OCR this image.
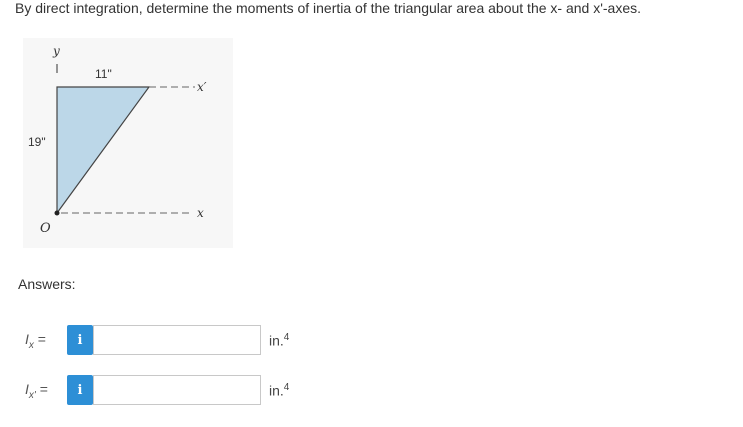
By direct integration, determine the moments of inertia of the triangular area about the x- and x'-axes.
y
x′
x
O
11"
19"
Answers:
$I_x$ =	i	in.$^4$
$I_{x'}$ =	i	in.$^4$
